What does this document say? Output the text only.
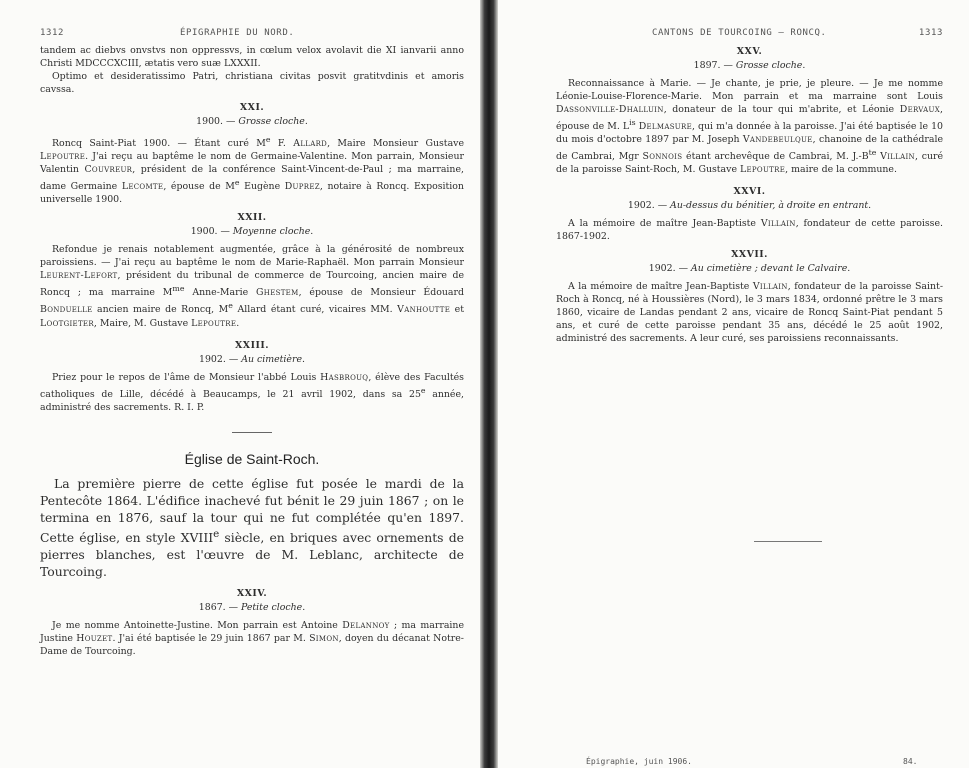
1312	ÉPIGRAPHIE DU NORD.

tandem ac diebvs onvstvs non oppressvs, in cœlum velox avolavit die XI ianvarii anno Christi MDCCCXCIII, ætatis vero suæ LXXXII.

Optimo et desideratissimo Patri, christiana civitas posvit gratitvdinis et amoris cavssa.

XXI.
1900. — Grosse cloche.

Roncq Saint-Piat 1900. — Étant curé Me F. Allard, Maire Monsieur Gustave Lepoutre. J'ai reçu au baptême le nom de Germaine-Valentine. Mon parrain, Monsieur Valentin Couvreur, président de la conférence Saint-Vincent-de-Paul ; ma marraine, dame Germaine Lecomte, épouse de Me Eugène Duprez, notaire à Roncq. Exposition universelle 1900.

XXII.
1900. — Moyenne cloche.

Refondue je renais notablement augmentée, grâce à la générosité de nombreux paroissiens. — J'ai reçu au baptême le nom de Marie-Raphaël. Mon parrain Monsieur Leurent-Lefort, président du tribunal de commerce de Tourcoing, ancien maire de Roncq ; ma marraine $M^{me}$ Anne-Marie Ghestem, épouse de Monsieur Édouard Bonduelle ancien maire de Roncq, Me Allard étant curé, vicaires MM. Vanhoutte et Lootgieter, Maire, M. Gustave Lepoutre.

XXIII.
1902. — Au cimetière.

Priez pour le repos de l'âme de Monsieur l'abbé Louis Hasbrouq, élève des Facultés catholiques de Lille, décédé à Beaucamps, le 21 avril 1902, dans sa 25e année, administré des sacrements. R. I. P.

Église de Saint-Roch.

La première pierre de cette église fut posée le mardi de la Pentecôte 1864. L'édifice inachevé fut bénit le 29 juin 1867 ; on le termina en 1876, sauf la tour qui ne fut complétée qu'en 1897. Cette église, en style XVIIIe siècle, en briques avec ornements de pierres blanches, est l'œuvre de M. Leblanc, architecte de Tourcoing.

XXIV.
1867. — Petite cloche.

Je me nomme Antoinette-Justine. Mon parrain est Antoine Delannoy ; ma marraine Justine Houzet. J'ai été baptisée le 29 juin 1867 par M. Simon, doyen du décanat Notre-Dame de Tourcoing.

CANTONS DE TOURCOING — RONCQ.	1313
XXV.
1897. — Grosse cloche.

Reconnaissance à Marie. — Je chante, je prie, je pleure. — Je me nomme Léonie-Louise-Florence-Marie. Mon parrain et ma marraine sont Louis Dassonville-Dhalluin, donateur de la tour qui m'abrite, et Léonie Dervaux, épouse de M. $L^{is}$ Delmasure, qui m'a donnée à la paroisse. J'ai été baptisée le 10 du mois d'octobre 1897 par M. Joseph Vandebeulque, chanoine de la cathédrale de Cambrai, Mgr Sonnois étant archevêque de Cambrai, M. $J.-B^{te}$ Villain, curé de la paroisse Saint-Roch, M. Gustave Lepoutre, maire de la commune.

XXVI.
1902. — Au-dessus du bénitier, à droite en entrant.

A la mémoire de maître Jean-Baptiste Villain, fondateur de cette paroisse. 1867-1902.

XXVII.
1902. — Au cimetière ; devant le Calvaire.

A la mémoire de maître Jean-Baptiste Villain, fondateur de la paroisse Saint-Roch à Roncq, né à Houssières (Nord), le 3 mars 1834, ordonné prêtre le 3 mars 1860, vicaire de Landas pendant 2 ans, vicaire de Roncq Saint-Piat pendant 5 ans, et curé de cette paroisse pendant 35 ans, décédé le 25 août 1902, administré des sacrements. A leur curé, ses paroissiens reconnaissants.

Épigraphie, juin 1906.	84.
